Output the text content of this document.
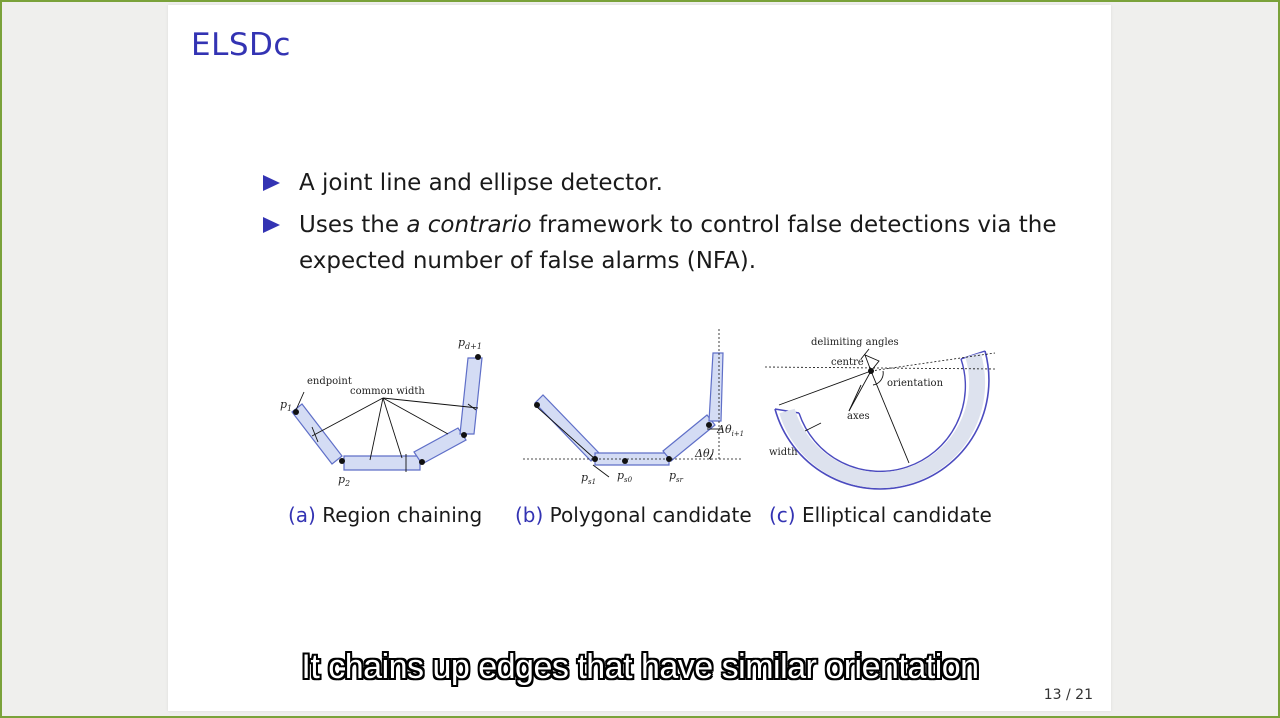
ELSDc
A joint line and ellipse detector.
Uses the a contrario framework to control false detections via the expected number of false alarms (NFA).
endpoint
common width
$p_1$
$p_2$
$p_{d+1}$
$p_{s1}$ $p_{s0}$	$p_{sr}$
$\Delta\theta_{i+1}$
$\Delta\theta_i$
delimiting angles
centre
orientation
axes
width
(a) Region chaining (b) Polygonal candidate (c) Elliptical candidate
13 / 21
It chains up edges that have similar orientation
